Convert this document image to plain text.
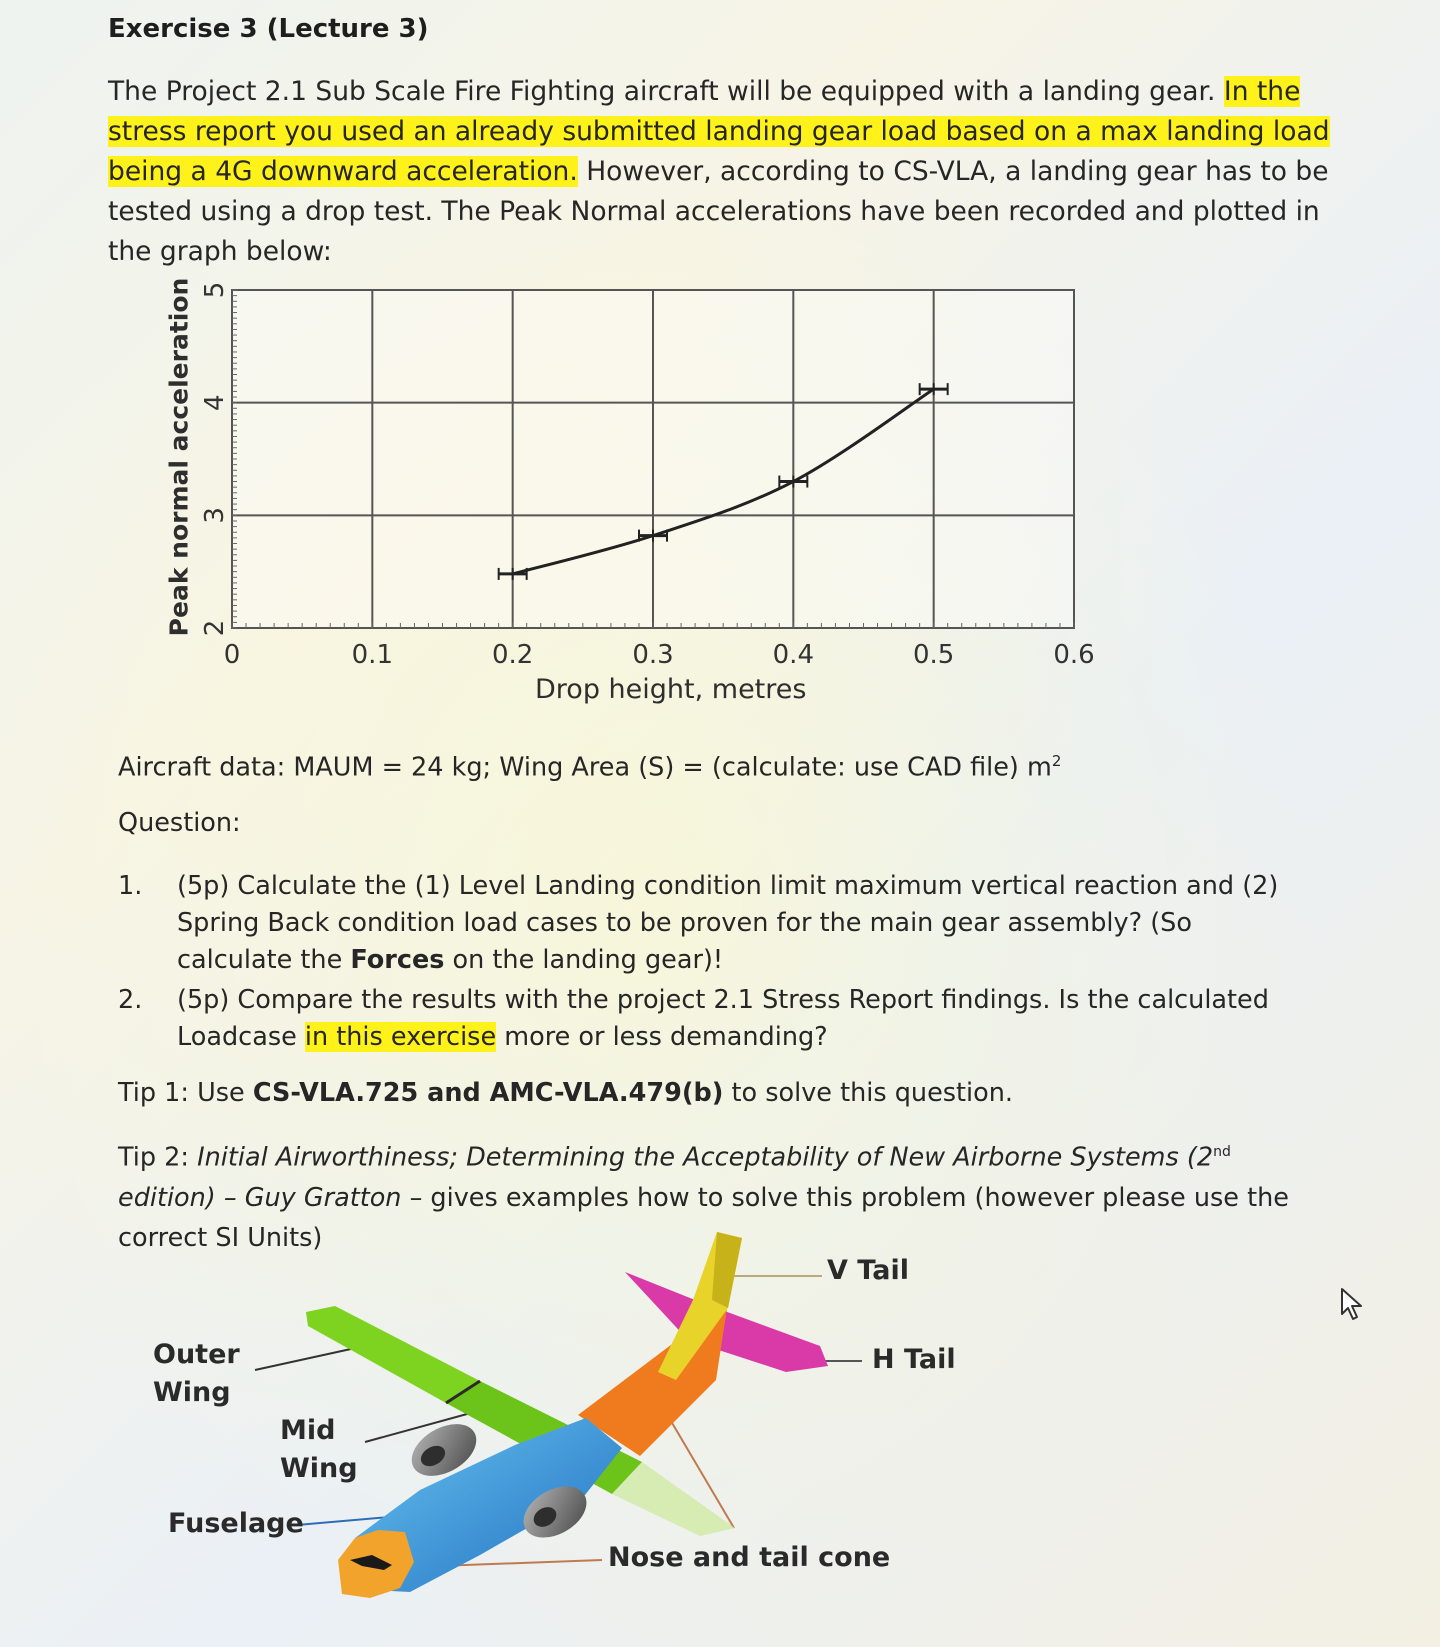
Exercise 3 (Lecture 3)
The Project 2.1 Sub Scale Fire Fighting aircraft will be equipped with a landing gear. In the stress report you used an already submitted landing gear load based on a max landing load being a 4G downward acceleration. However, according to CS-VLA, a landing gear has to be tested using a drop test. The Peak Normal accelerations have been recorded and plotted in the graph below:
2
3
4
5
0	0.1	0.2	0.3	0.4	0.5	0.6
Peak normal acceleration
Drop height, metres
Aircraft data: MAUM = 24 kg; Wing Area (S) = (calculate: use CAD file) $m^2$
Question:
1. (5p) Calculate the (1) Level Landing condition limit maximum vertical reaction and (2) Spring Back condition load cases to be proven for the main gear assembly? (So calculate the Forces on the landing gear)!
2. (5p) Compare the results with the project 2.1 Stress Report findings. Is the calculated Loadcase in this exercise more or less demanding?
Tip 1: Use CS-VLA.725 and AMC-VLA.479(b) to solve this question.
Tip 2: Initial Airworthiness; Determining the Acceptability of New Airborne Systems (2nd edition) – Guy Gratton – gives examples how to solve this problem (however please use the correct SI Units)
V Tail
H Tail
Outer
Wing
Mid
Wing
Fuselage
Nose and tail cone
